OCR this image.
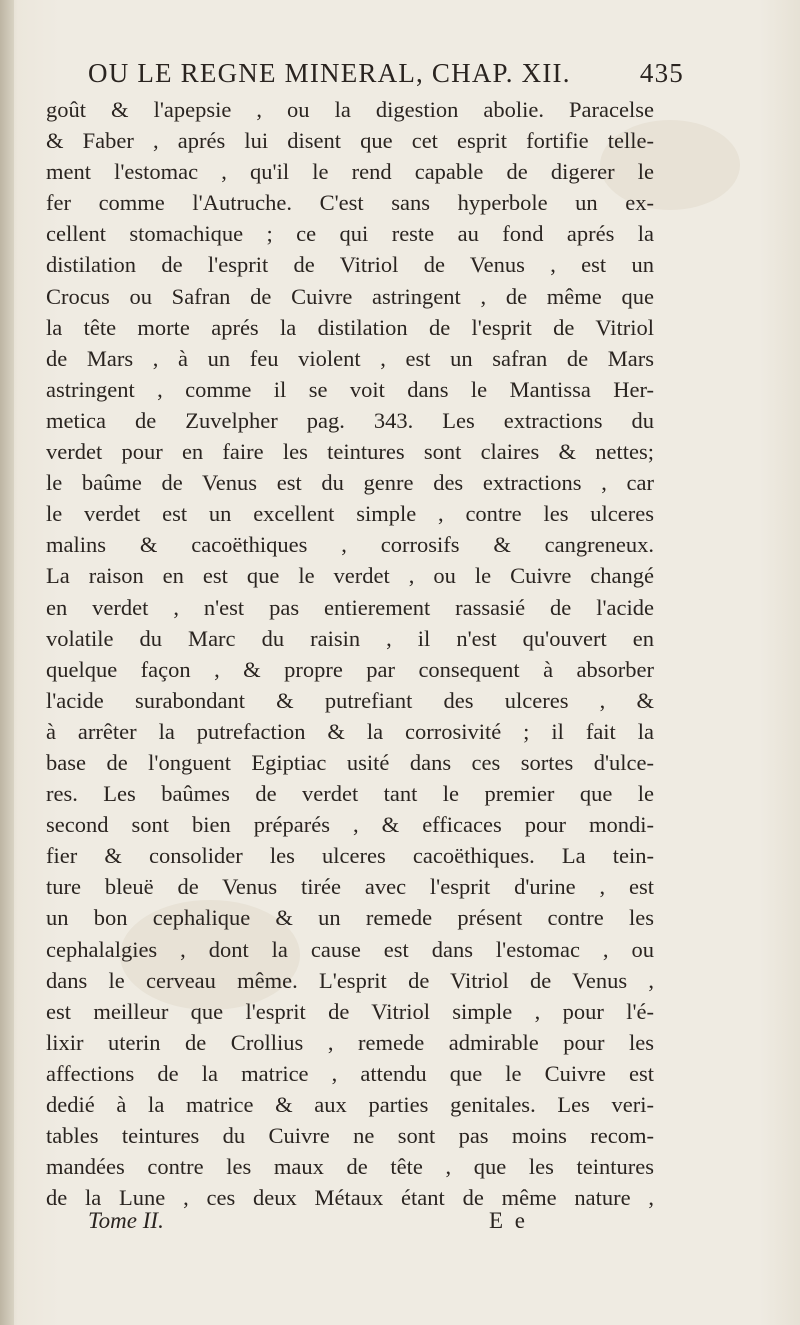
OU LE REGNE MINERAL, CHAP. XII.	435
goût & l'apepsie , ou la digestion abolie. Paracelse
& Faber , aprés lui disent que cet esprit fortifie telle-
ment l'estomac , qu'il le rend capable de digerer le
fer comme l'Autruche. C'est sans hyperbole un ex-
cellent stomachique ; ce qui reste au fond aprés la
distilation de l'esprit de Vitriol de Venus , est un
Crocus ou Safran de Cuivre astringent , de même que
la tête morte aprés la distilation de l'esprit de Vitriol
de Mars , à un feu violent , est un safran de Mars
astringent , comme il se voit dans le Mantissa Her-
metica de Zuvelpher pag. 343. Les extractions du
verdet pour en faire les teintures sont claires & nettes;
le baûme de Venus est du genre des extractions , car
le verdet est un excellent simple , contre les ulceres
malins & cacoëthiques , corrosifs & cangreneux.
La raison en est que le verdet , ou le Cuivre changé
en verdet , n'est pas entierement rassasié de l'acide
volatile du Marc du raisin , il n'est qu'ouvert en
quelque façon , & propre par consequent à absorber
l'acide surabondant & putrefiant des ulceres , &
à arrêter la putrefaction & la corrosivité ; il fait la
base de l'onguent Egiptiac usité dans ces sortes d'ulce-
res. Les baûmes de verdet tant le premier que le
second sont bien préparés , & efficaces pour mondi-
fier & consolider les ulceres cacoëthiques. La tein-
ture bleuë de Venus tirée avec l'esprit d'urine , est
un bon cephalique & un remede présent contre les
cephalalgies , dont la cause est dans l'estomac , ou
dans le cerveau même. L'esprit de Vitriol de Venus ,
est meilleur que l'esprit de Vitriol simple , pour l'é-
lixir uterin de Crollius , remede admirable pour les
affections de la matrice , attendu que le Cuivre est
dedié à la matrice & aux parties genitales. Les veri-
tables teintures du Cuivre ne sont pas moins recom-
mandées contre les maux de tête , que les teintures
de la Lune , ces deux Métaux étant de même nature ,
Tome II.	E e
